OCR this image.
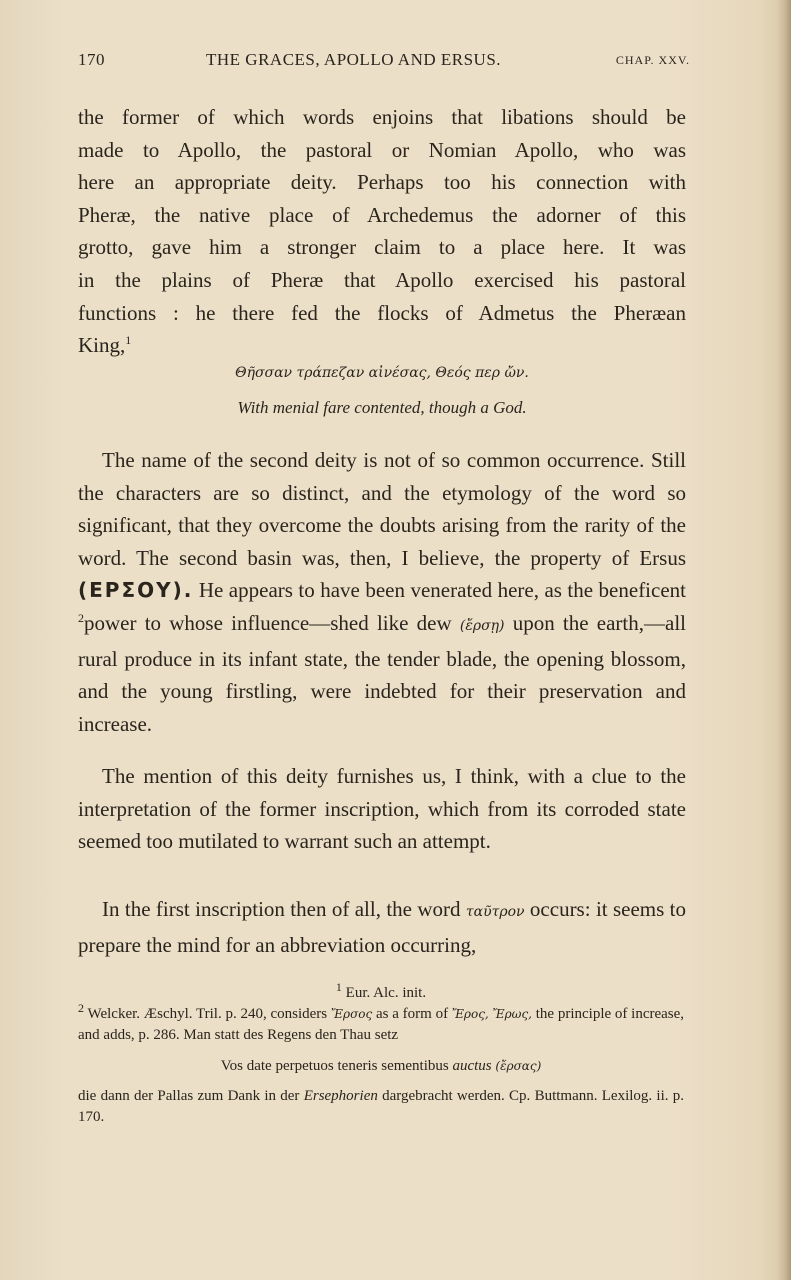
170	THE GRACES, APOLLO AND ERSUS.	CHAP. XXV.
the former of which words enjoins that libations should be
made to Apollo, the pastoral or Nomian Apollo, who was
here an appropriate deity. Perhaps too his connection with
Pheræ, the native place of Archedemus the adorner of this
grotto, gave him a stronger claim to a place here. It was
in the plains of Pheræ that Apollo exercised his pastoral
functions : he there fed the flocks of Admetus the Pheræan
King,$^1$
Θῆσσαν τράπεζαν αἰνέσας, Θεός περ ὤν.
With menial fare contented, though a God.
The name of the second deity is not of so common occurrence. Still the characters are so distinct, and the etymology of the word so significant, that they overcome the doubts arising from the rarity of the word. The second basin was, then, I believe, the property of Ersus (ΕΡΣΟΥ). He appears to have been venerated here, as the beneficent $^2$power to whose influence—shed like dew (ἔρσῃ) upon the earth,—all rural produce in its infant state, the tender blade, the opening blossom, and the young firstling, were indebted for their preservation and increase.
The mention of this deity furnishes us, I think, with a clue to the interpretation of the former inscription, which from its corroded state seemed too mutilated to warrant such an attempt.
In the first inscription then of all, the word ταῦτρον occurs: it seems to prepare the mind for an abbreviation occurring,
$^1$ Eur. Alc. init.
$^2$ Welcker. Æschyl. Tril. p. 240, considers Ἔρσος as a form of Ἔρος, Ἔρως, the principle of increase, and adds, p. 286. Man statt des Regens den Thau setz
Vos date perpetuos teneris sementibus auctus (ἔρσας)
die dann der Pallas zum Dank in der Ersephorien dargebracht werden. Cp. Buttmann. Lexilog. ii. p. 170.
